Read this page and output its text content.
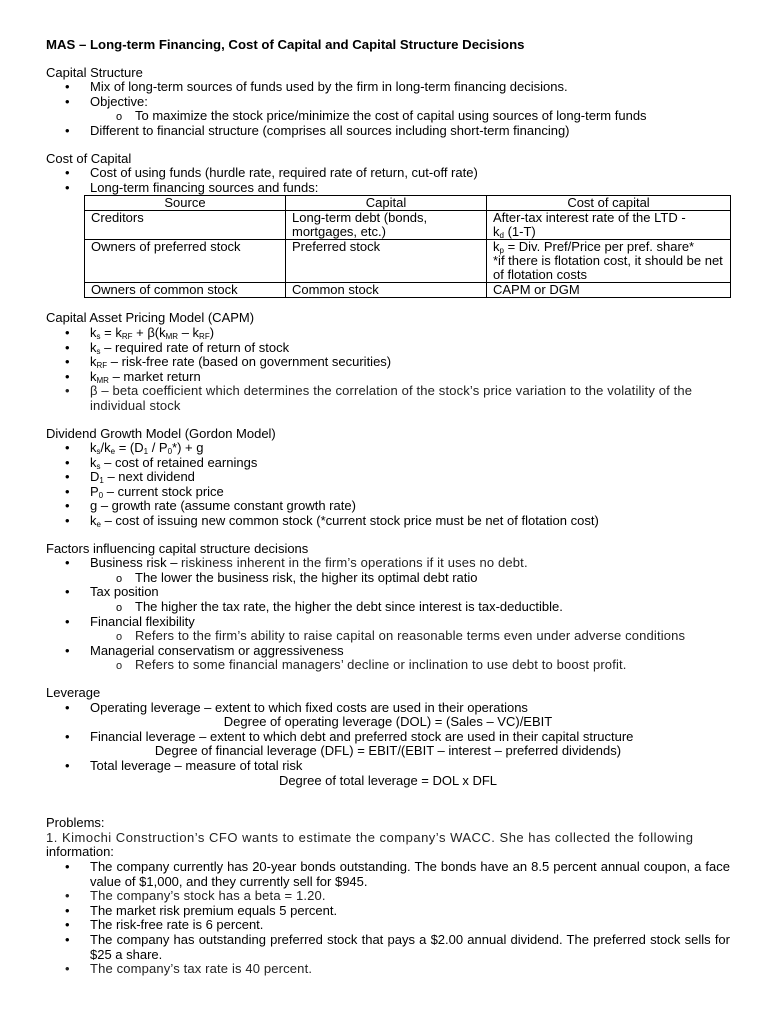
MAS – Long-term Financing, Cost of Capital and Capital Structure Decisions
Capital Structure
• Mix of long-term sources of funds used by the firm in long-term financing decisions.
• Objective:
o To maximize the stock price/minimize the cost of capital using sources of long-term funds
• Different to financial structure (comprises all sources including short-term financing)
Cost of Capital
• Cost of using funds (hurdle rate, required rate of return, cut-off rate)
• Long-term financing sources and funds:
Source	Capital	Cost of capital
Creditors	Long-term debt (bonds, mortgages, etc.)	After-tax interest rate of the LTD -
$k_d$ (1-T)
Owners of preferred stock	Preferred stock	$k_p$ = Div. Pref/Price per pref. share*
*if there is flotation cost, it should be net of flotation costs
Owners of common stock	Common stock	CAPM or DGM
Capital Asset Pricing Model (CAPM)
• $k_s = k_{RF} + \beta(k_{MR} - k_{RF})$
• $k_s$ – required rate of return of stock
• $k_{RF}$ – risk-free rate (based on government securities)
• $k_{MR}$ – market return
• β – beta coefficient which determines the correlation of the stock’s price variation to the volatility of the individual stock
Dividend Growth Model (Gordon Model)
• $k_s/k_e = (D_1 / P_0*) + g$
• $k_s$ – cost of retained earnings
• $D_1$ – next dividend
• $P_0$ – current stock price
• g – growth rate (assume constant growth rate)
• $k_e$ – cost of issuing new common stock (*current stock price must be net of flotation cost)
Factors influencing capital structure decisions
• Business risk – riskiness inherent in the firm’s operations if it uses no debt.
o The lower the business risk, the higher its optimal debt ratio
• Tax position
o The higher the tax rate, the higher the debt since interest is tax-deductible.
• Financial flexibility
o Refers to the firm’s ability to raise capital on reasonable terms even under adverse conditions
• Managerial conservatism or aggressiveness
o Refers to some financial managers’ decline or inclination to use debt to boost profit.
Leverage
• Operating leverage – extent to which fixed costs are used in their operations
Degree of operating leverage (DOL) = (Sales – VC)/EBIT
• Financial leverage – extent to which debt and preferred stock are used in their capital structure
Degree of financial leverage (DFL) = EBIT/(EBIT – interest – preferred dividends)
• Total leverage – measure of total risk
Degree of total leverage = DOL x DFL
Problems:
1. Kimochi Construction’s CFO wants to estimate the company’s WACC. She has collected the following
information:
• The company currently has 20-year bonds outstanding. The bonds have an 8.5 percent annual coupon, a face value of $1,000, and they currently sell for $945.
• The company’s stock has a beta = 1.20.
• The market risk premium equals 5 percent.
• The risk-free rate is 6 percent.
• The company has outstanding preferred stock that pays a $2.00 annual dividend. The preferred stock sells for $25 a share.
• The company’s tax rate is 40 percent.
